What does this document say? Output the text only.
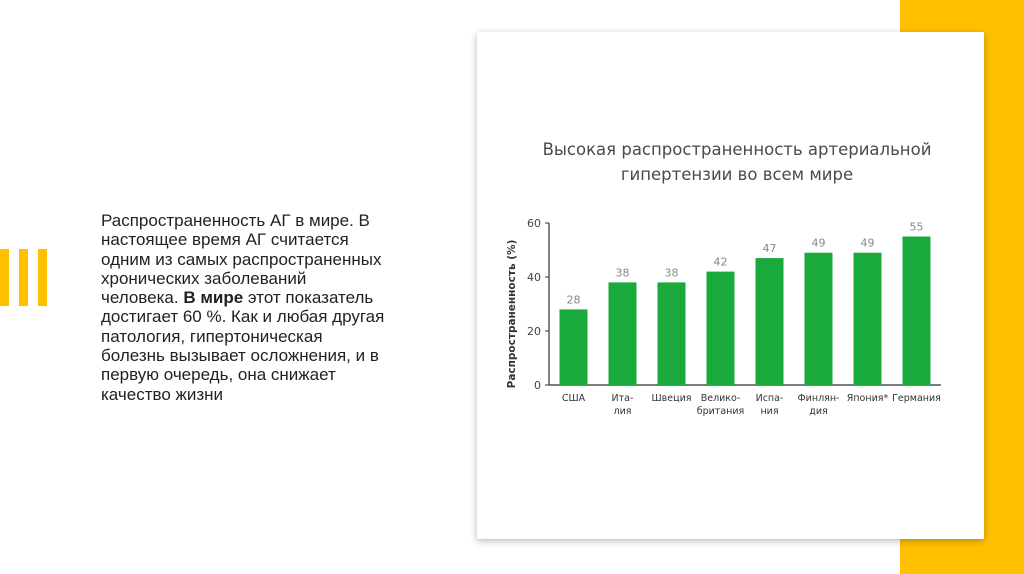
Распространенность АГ в мире. В
настоящее время АГ считается
одним из самых распространенных
хронических заболеваний
человека. В мире этот показатель
достигает 60 %. Как и любая другая
патология, гипертоническая
болезнь вызывает осложнения, и в
первую очередь, она снижает
качество жизни
Высокая распространенность артериальной
гипертензии во всем мире
0
20
40
60
Распространенность (%)	28
США
38
Ита-лия
38
Швеция
42
Велико-британия
47
Испа-ния
49
Финлян-дия
49
Япония*
55
Германия
